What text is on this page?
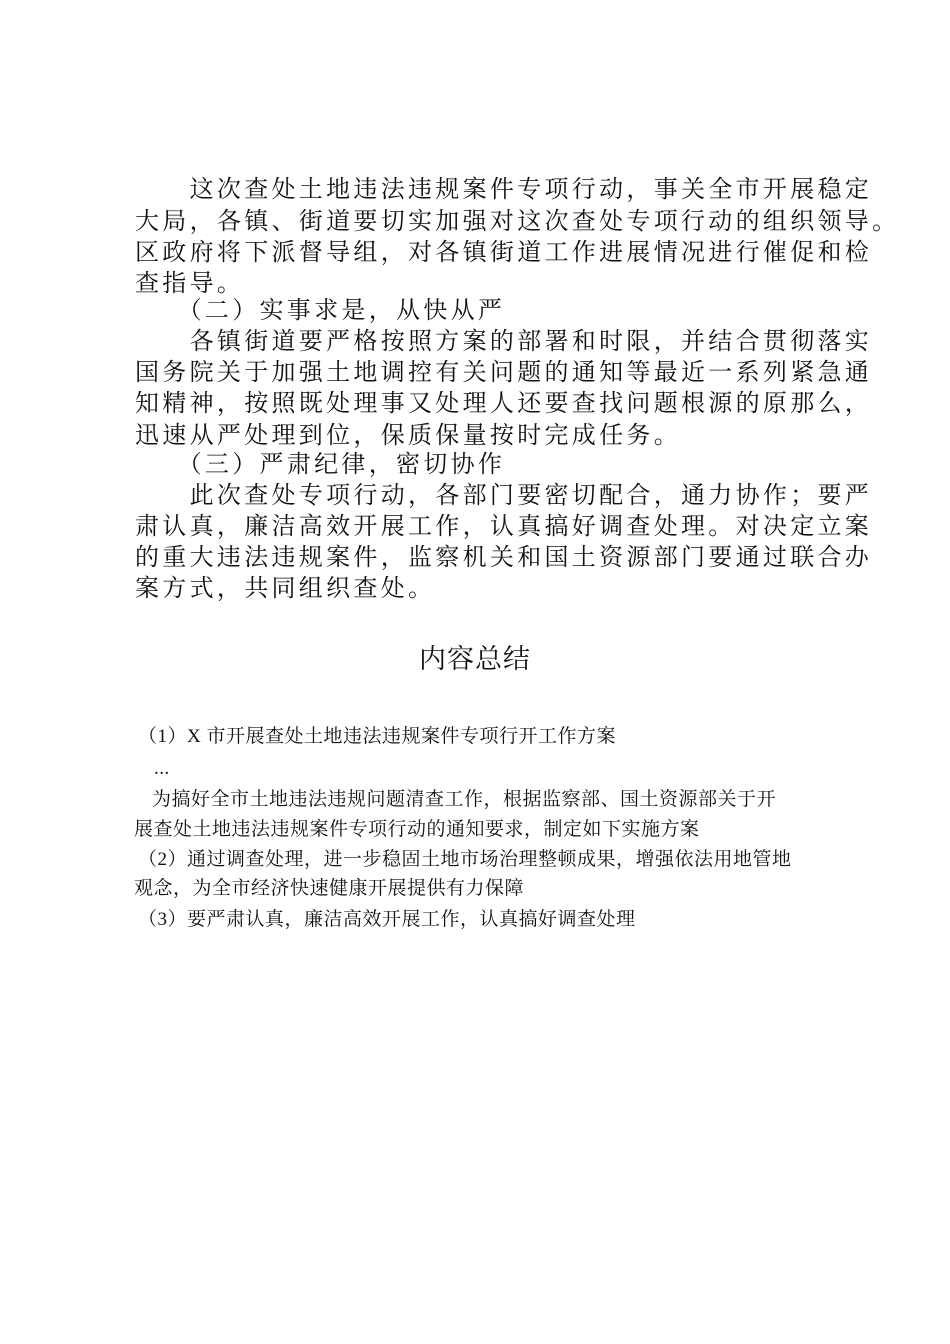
　　这次查处土地违法违规案件专项行动，事关全市开展稳定
大局，各镇、街道要切实加强对这次查处专项行动的组织领导。
区政府将下派督导组，对各镇街道工作进展情况进行催促和检
查指导。
　　（二）实事求是，从快从严
　　各镇街道要严格按照方案的部署和时限，并结合贯彻落实
国务院关于加强土地调控有关问题的通知等最近一系列紧急通
知精神，按照既处理事又处理人还要查找问题根源的原那么，
迅速从严处理到位，保质保量按时完成任务。
　　（三）严肃纪律，密切协作
　　此次查处专项行动，各部门要密切配合，通力协作；要严
肃认真，廉洁高效开展工作，认真搞好调查处理。对决定立案
的重大违法违规案件，监察机关和国土资源部门要通过联合办
案方式，共同组织查处。
内容总结
（1）X 市开展查处土地违法违规案件专项行开工作方案
...
为搞好全市土地违法违规问题清查工作，根据监察部、国土资源部关于开
展查处土地违法违规案件专项行动的通知要求，制定如下实施方案
（2）通过调查处理，进一步稳固土地市场治理整顿成果，增强依法用地管地
观念，为全市经济快速健康开展提供有力保障
（3）要严肃认真，廉洁高效开展工作，认真搞好调查处理
